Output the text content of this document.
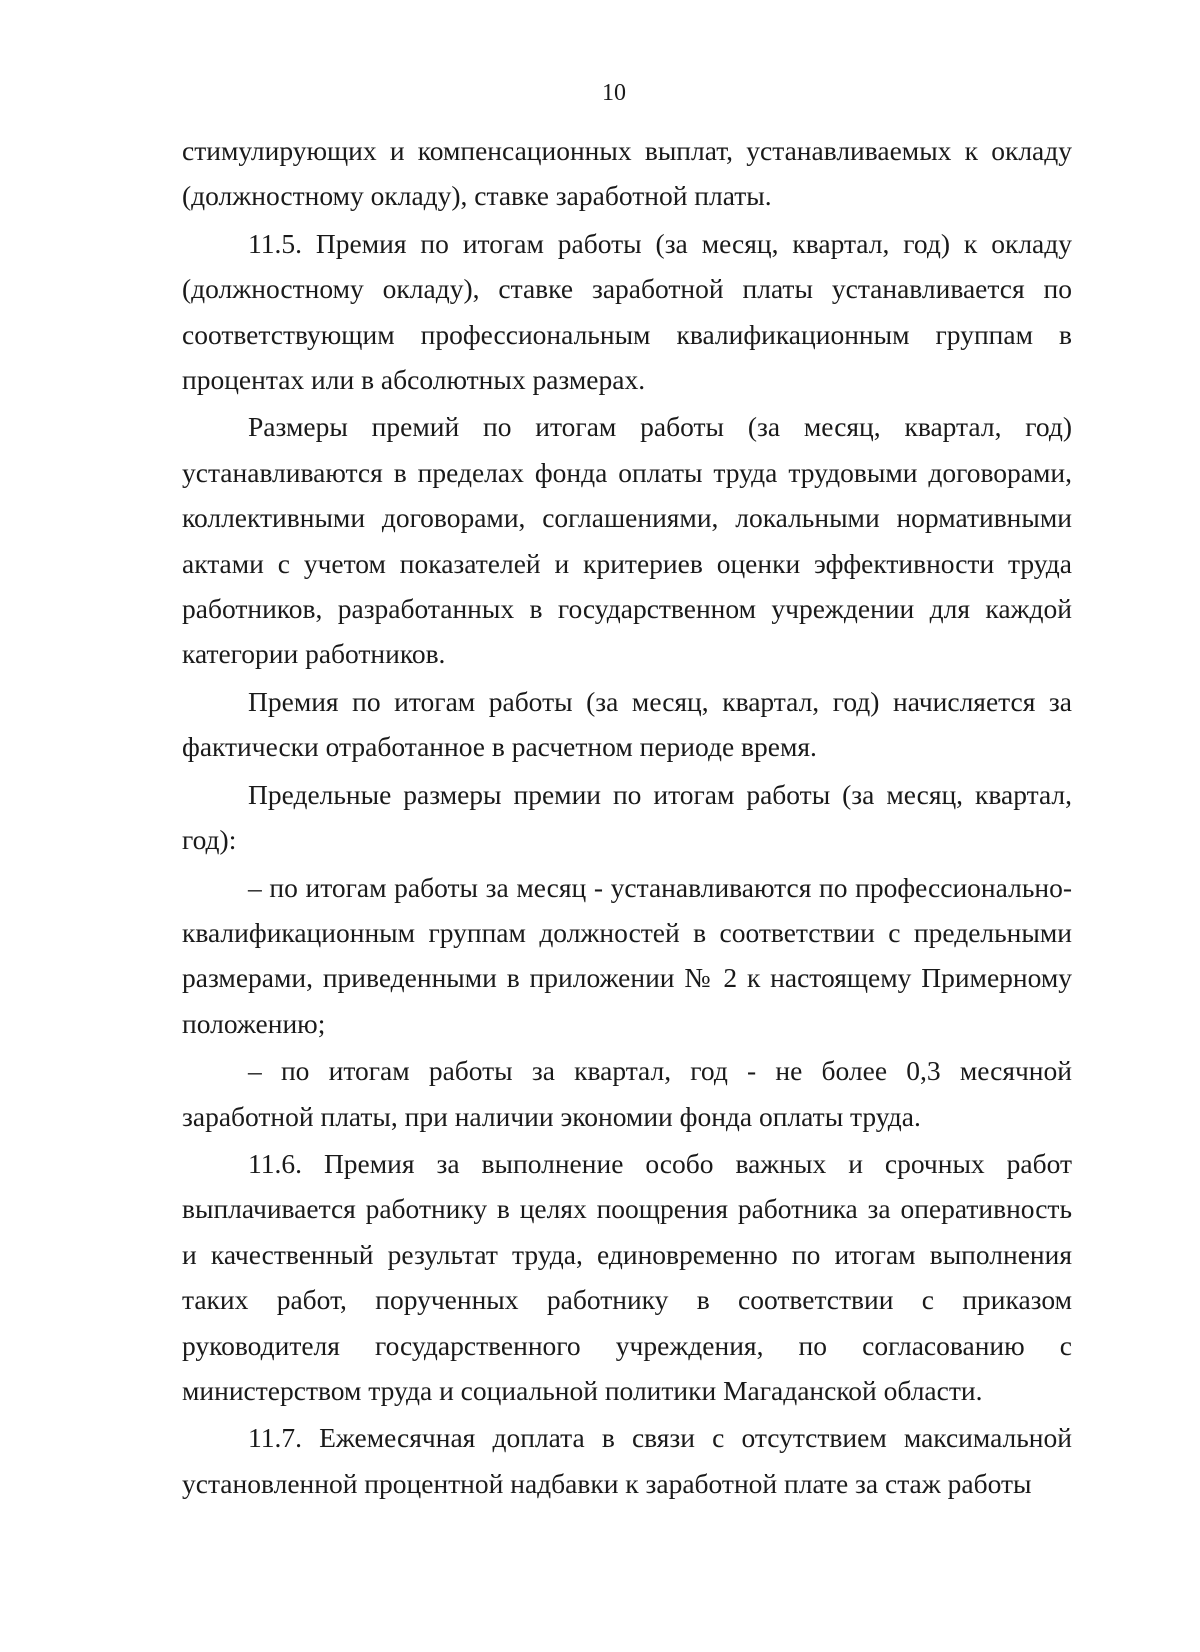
10

стимулирующих и компенсационных выплат, устанавливаемых к окладу (должностному окладу), ставке заработной платы.

11.5. Премия по итогам работы (за месяц, квартал, год) к окладу (должностному окладу), ставке заработной платы устанавливается по соответствующим профессиональным квалификационным группам в процентах или в абсолютных размерах.

Размеры премий по итогам работы (за месяц, квартал, год) устанавливаются в пределах фонда оплаты труда трудовыми договорами, коллективными договорами, соглашениями, локальными нормативными актами с учетом показателей и критериев оценки эффективности труда работников, разработанных в государственном учреждении для каждой категории работников.

Премия по итогам работы (за месяц, квартал, год) начисляется за фактически отработанное в расчетном периоде время.

Предельные размеры премии по итогам работы (за месяц, квартал, год):

– по итогам работы за месяц - устанавливаются по профессионально-квалификационным группам должностей в соответствии с предельными размерами, приведенными в приложении № 2 к настоящему Примерному положению;

– по итогам работы за квартал, год - не более 0,3 месячной заработной платы, при наличии экономии фонда оплаты труда.

11.6. Премия за выполнение особо важных и срочных работ выплачивается работнику в целях поощрения работника за оперативность и качественный результат труда, единовременно по итогам выполнения таких работ, порученных работнику в соответствии с приказом руководителя государственного учреждения, по согласованию с министерством труда и социальной политики Магаданской области.

11.7. Ежемесячная доплата в связи с отсутствием максимальной установленной процентной надбавки к заработной плате за стаж работы
